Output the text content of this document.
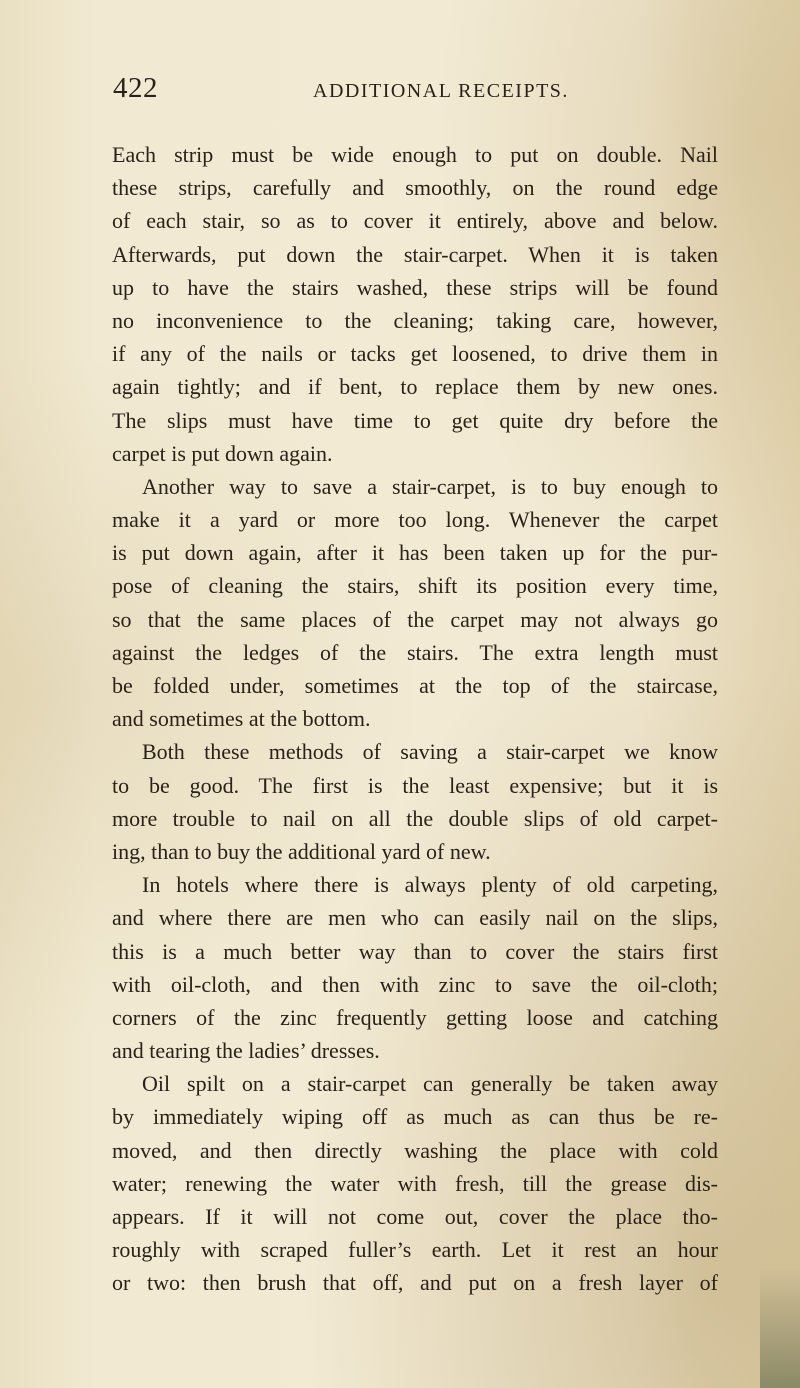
422	ADDITIONAL RECEIPTS.
Each strip must be wide enough to put on double. Nail
these strips, carefully and smoothly, on the round edge
of each stair, so as to cover it entirely, above and below.
Afterwards, put down the stair-carpet. When it is taken
up to have the stairs washed, these strips will be found
no inconvenience to the cleaning; taking care, however,
if any of the nails or tacks get loosened, to drive them in
again tightly; and if bent, to replace them by new ones.
The slips must have time to get quite dry before the
carpet is put down again.
Another way to save a stair-carpet, is to buy enough to
make it a yard or more too long. Whenever the carpet
is put down again, after it has been taken up for the pur-
pose of cleaning the stairs, shift its position every time,
so that the same places of the carpet may not always go
against the ledges of the stairs. The extra length must
be folded under, sometimes at the top of the staircase,
and sometimes at the bottom.
Both these methods of saving a stair-carpet we know
to be good. The first is the least expensive; but it is
more trouble to nail on all the double slips of old carpet-
ing, than to buy the additional yard of new.
In hotels where there is always plenty of old carpeting,
and where there are men who can easily nail on the slips,
this is a much better way than to cover the stairs first
with oil-cloth, and then with zinc to save the oil-cloth;
corners of the zinc frequently getting loose and catching
and tearing the ladies’ dresses.
Oil spilt on a stair-carpet can generally be taken away
by immediately wiping off as much as can thus be re-
moved, and then directly washing the place with cold
water; renewing the water with fresh, till the grease dis-
appears. If it will not come out, cover the place tho-
roughly with scraped fuller’s earth. Let it rest an hour
or two: then brush that off, and put on a fresh layer of
